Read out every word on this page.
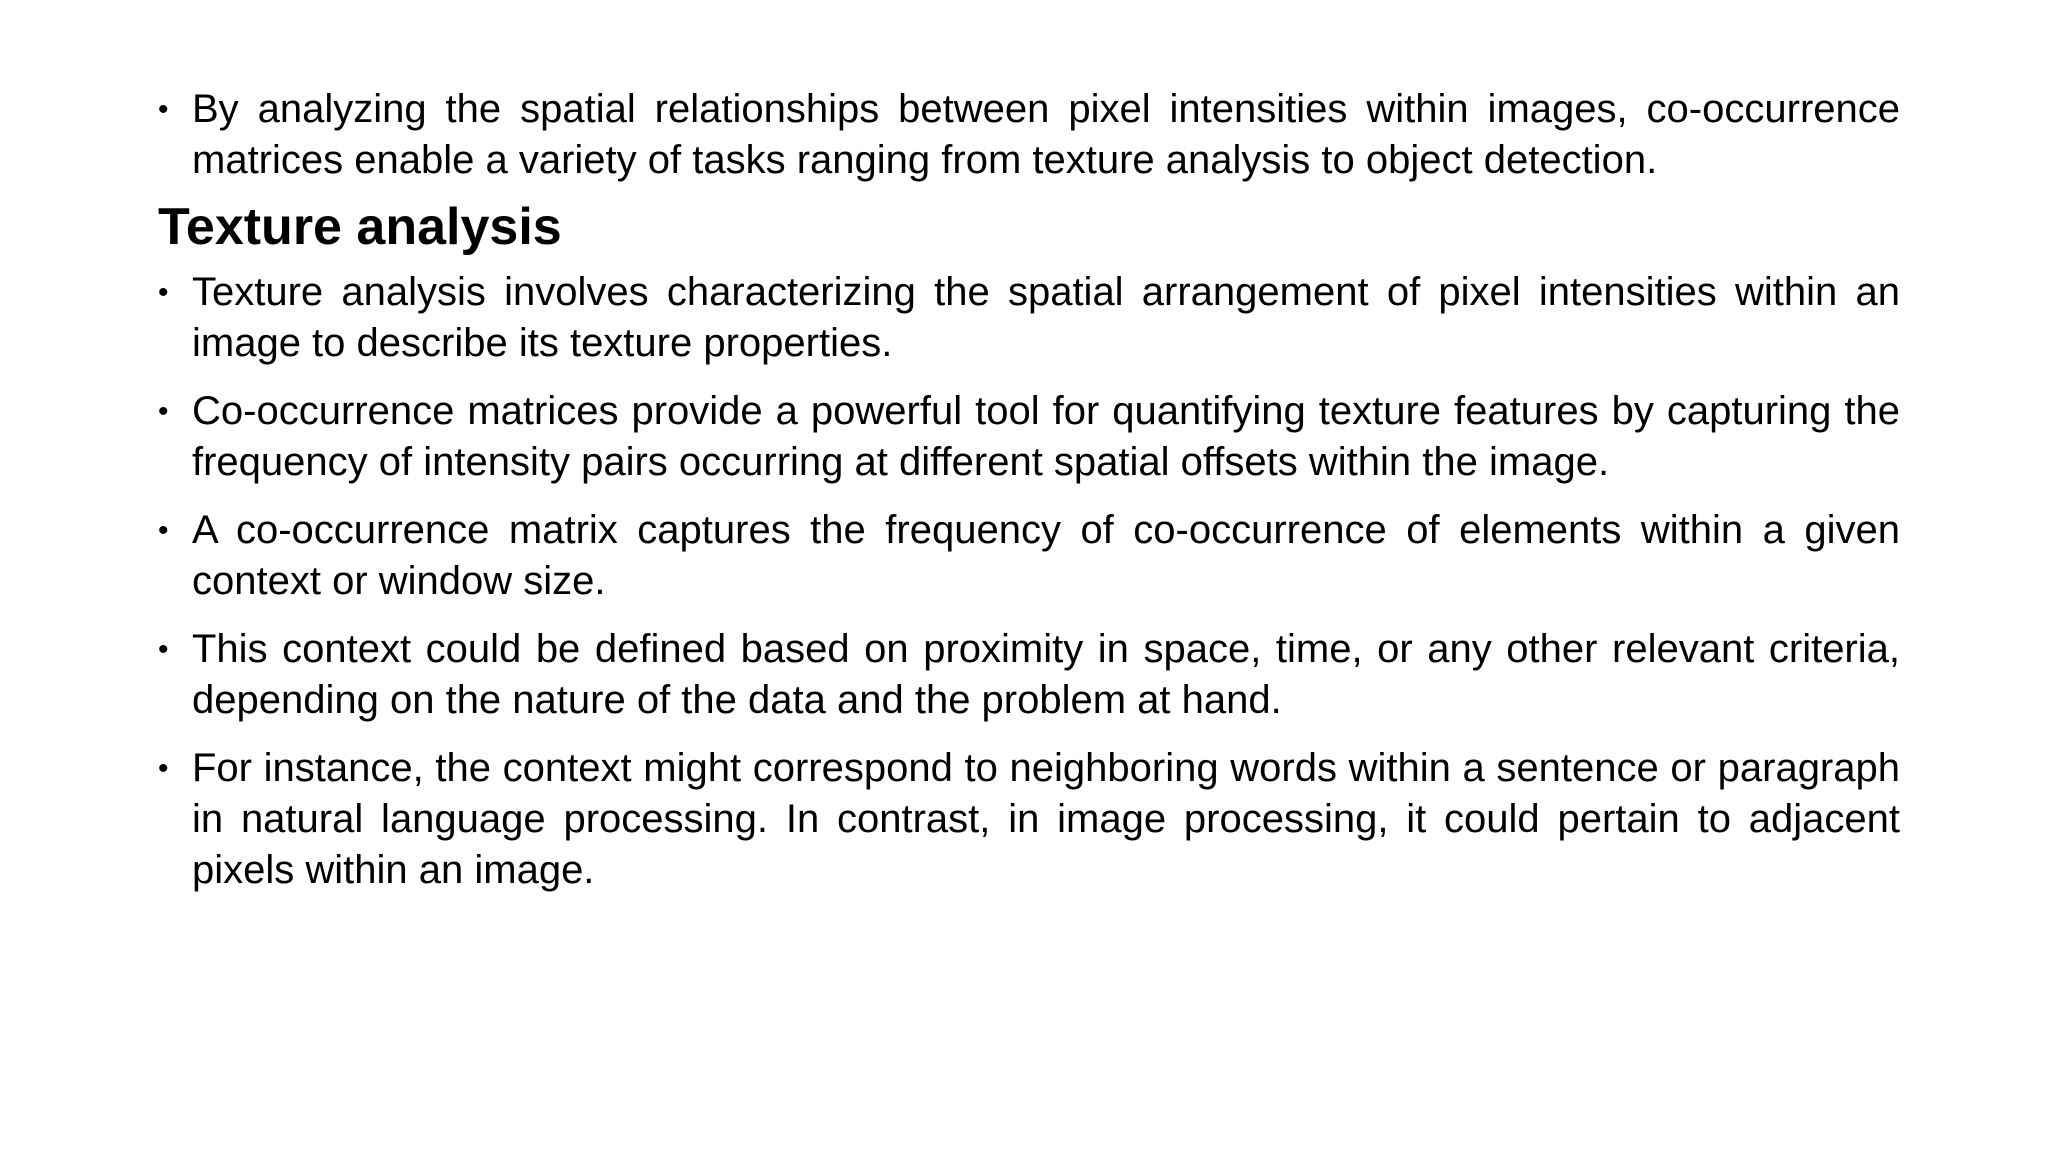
• By analyzing the spatial relationships between pixel intensities within images, co-occurrence matrices enable a variety of tasks ranging from texture analysis to object detection.
Texture analysis
• Texture analysis involves characterizing the spatial arrangement of pixel intensities within an image to describe its texture properties.
• Co-occurrence matrices provide a powerful tool for quantifying texture features by capturing the frequency of intensity pairs occurring at different spatial offsets within the image.
• A co-occurrence matrix captures the frequency of co-occurrence of elements within a given context or window size.
• This context could be defined based on proximity in space, time, or any other relevant criteria, depending on the nature of the data and the problem at hand.
• For instance, the context might correspond to neighboring words within a sentence or paragraph in natural language processing. In contrast, in image processing, it could pertain to adjacent pixels within an image.
